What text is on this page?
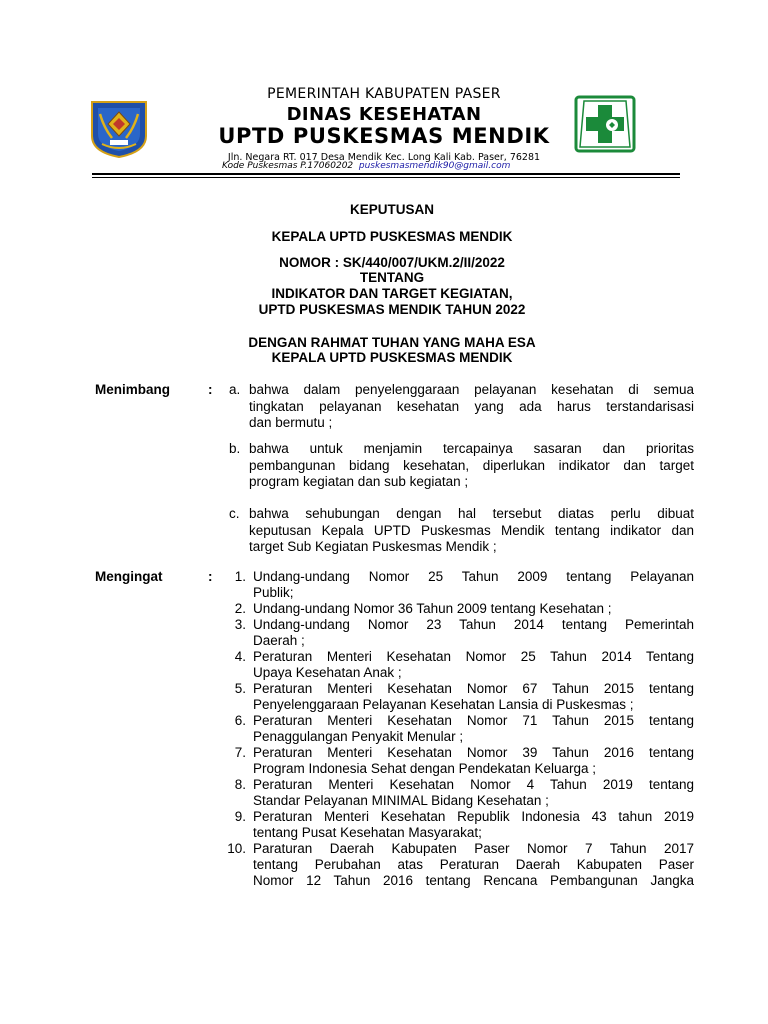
PEMERINTAH KABUPATEN PASER
DINAS KESEHATAN
UPTD PUSKESMAS MENDIK
Jln. Negara RT. 017 Desa Mendik Kec. Long Kali Kab. Paser, 76281
Kode Puskesmas P.17060202 puskesmasmendik90@gmail.com
KEPUTUSAN
KEPALA UPTD PUSKESMAS MENDIK
NOMOR : SK/440/007/UKM.2/II/2022
TENTANG
INDIKATOR DAN TARGET KEGIATAN,
UPTD PUSKESMAS MENDIK TAHUN 2022
DENGAN RAHMAT TUHAN YANG MAHA ESA
KEPALA UPTD PUSKESMAS MENDIK
Menimbang	: a. bahwa dalam penyelenggaraan pelayanan kesehatan di semua
tingkatan pelayanan kesehatan yang ada harus terstandarisasi
dan bermutu ;
b. bahwa untuk menjamin tercapainya sasaran dan prioritas
pembangunan bidang kesehatan, diperlukan indikator dan target
program kegiatan dan sub kegiatan ;
c. bahwa sehubungan dengan hal tersebut diatas perlu dibuat
keputusan Kepala UPTD Puskesmas Mendik tentang indikator dan
target Sub Kegiatan Puskesmas Mendik ;
Mengingat	:	1. Undang-undang Nomor 25 Tahun 2009 tentang Pelayanan
Publik;
2. Undang-undang Nomor 36 Tahun 2009 tentang Kesehatan ;
3. Undang-undang Nomor 23 Tahun 2014 tentang Pemerintah
Daerah ;
4. Peraturan Menteri Kesehatan Nomor 25 Tahun 2014 Tentang
Upaya Kesehatan Anak ;
5. Peraturan Menteri Kesehatan Nomor 67 Tahun 2015 tentang
Penyelenggaraan Pelayanan Kesehatan Lansia di Puskesmas ;
6. Peraturan Menteri Kesehatan Nomor 71 Tahun 2015 tentang
Penaggulangan Penyakit Menular ;
7. Peraturan Menteri Kesehatan Nomor 39 Tahun 2016 tentang
Program Indonesia Sehat dengan Pendekatan Keluarga ;
8. Peraturan Menteri Kesehatan Nomor 4 Tahun 2019 tentang
Standar Pelayanan MINIMAL Bidang Kesehatan ;
9. Peraturan Menteri Kesehatan Republik Indonesia 43 tahun 2019
tentang Pusat Kesehatan Masyarakat;
10. Paraturan Daerah Kabupaten Paser Nomor 7 Tahun 2017
tentang Perubahan atas Peraturan Daerah Kabupaten Paser
Nomor 12 Tahun 2016 tentang Rencana Pembangunan Jangka
